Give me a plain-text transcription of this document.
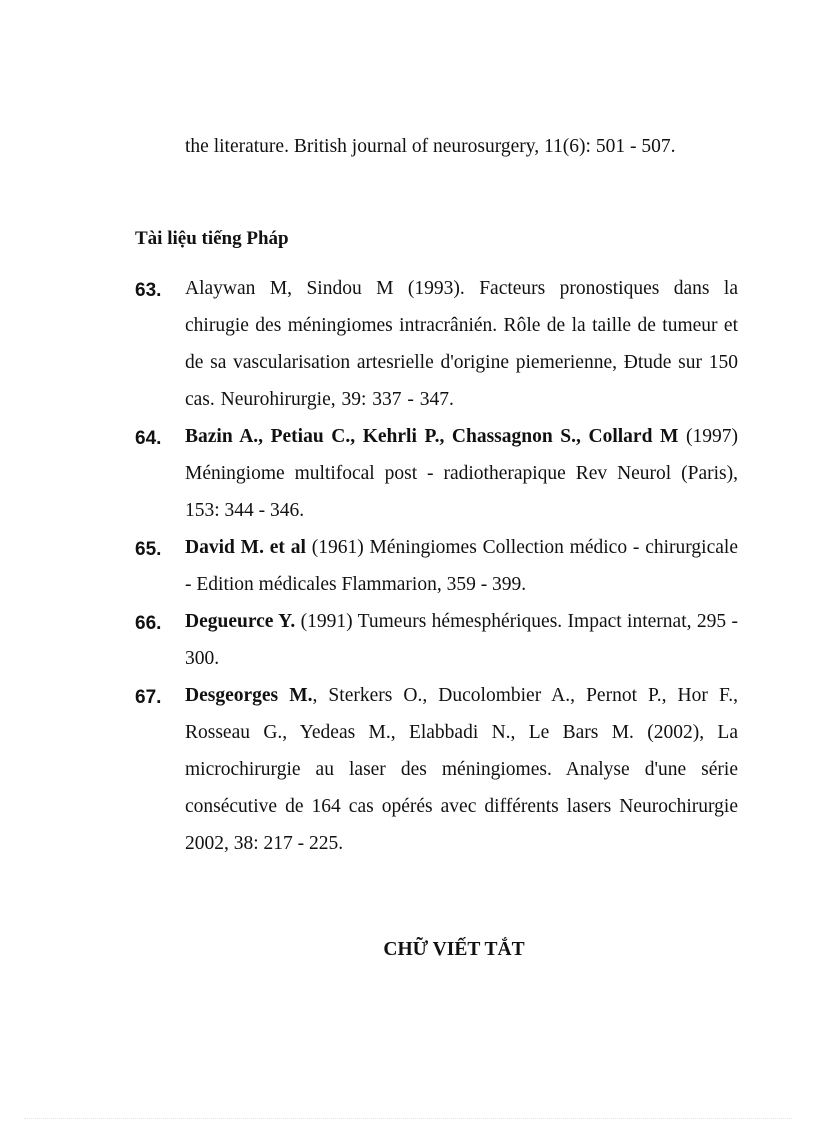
the literature. British journal of neurosurgery, 11(6): 501 - 507.
Tài liệu tiếng Pháp
63. Alaywan M, Sindou M (1993). Facteurs pronostiques dans la chirugie des méningiomes intracrânién. Rôle de la taille de tumeur et de sa vascularisation artesrielle d'origine piemerienne, Ðtude sur 150 cas. Neurohirurgie, 39: 337 - 347.
64. Bazin A., Petiau C., Kehrli P., Chassagnon S., Collard M (1997) Méningiome multifocal post - radiotherapique Rev Neurol (Paris), 153: 344 - 346.
65. David M. et al (1961) Méningiomes Collection médico - chirurgicale - Edition médicales Flammarion, 359 - 399.
66. Degueurce Y. (1991) Tumeurs hémesphériques. Impact internat, 295 - 300.
67. Desgeorges M., Sterkers O., Ducolombier A., Pernot P., Hor F., Rosseau G., Yedeas M., Elabbadi N., Le Bars M. (2002), La microchirurgie au laser des méningiomes. Analyse d'une série consécutive de 164 cas opérés avec différents lasers Neurochirurgie 2002, 38: 217 - 225.
CHỮ VIẾT TẮT
